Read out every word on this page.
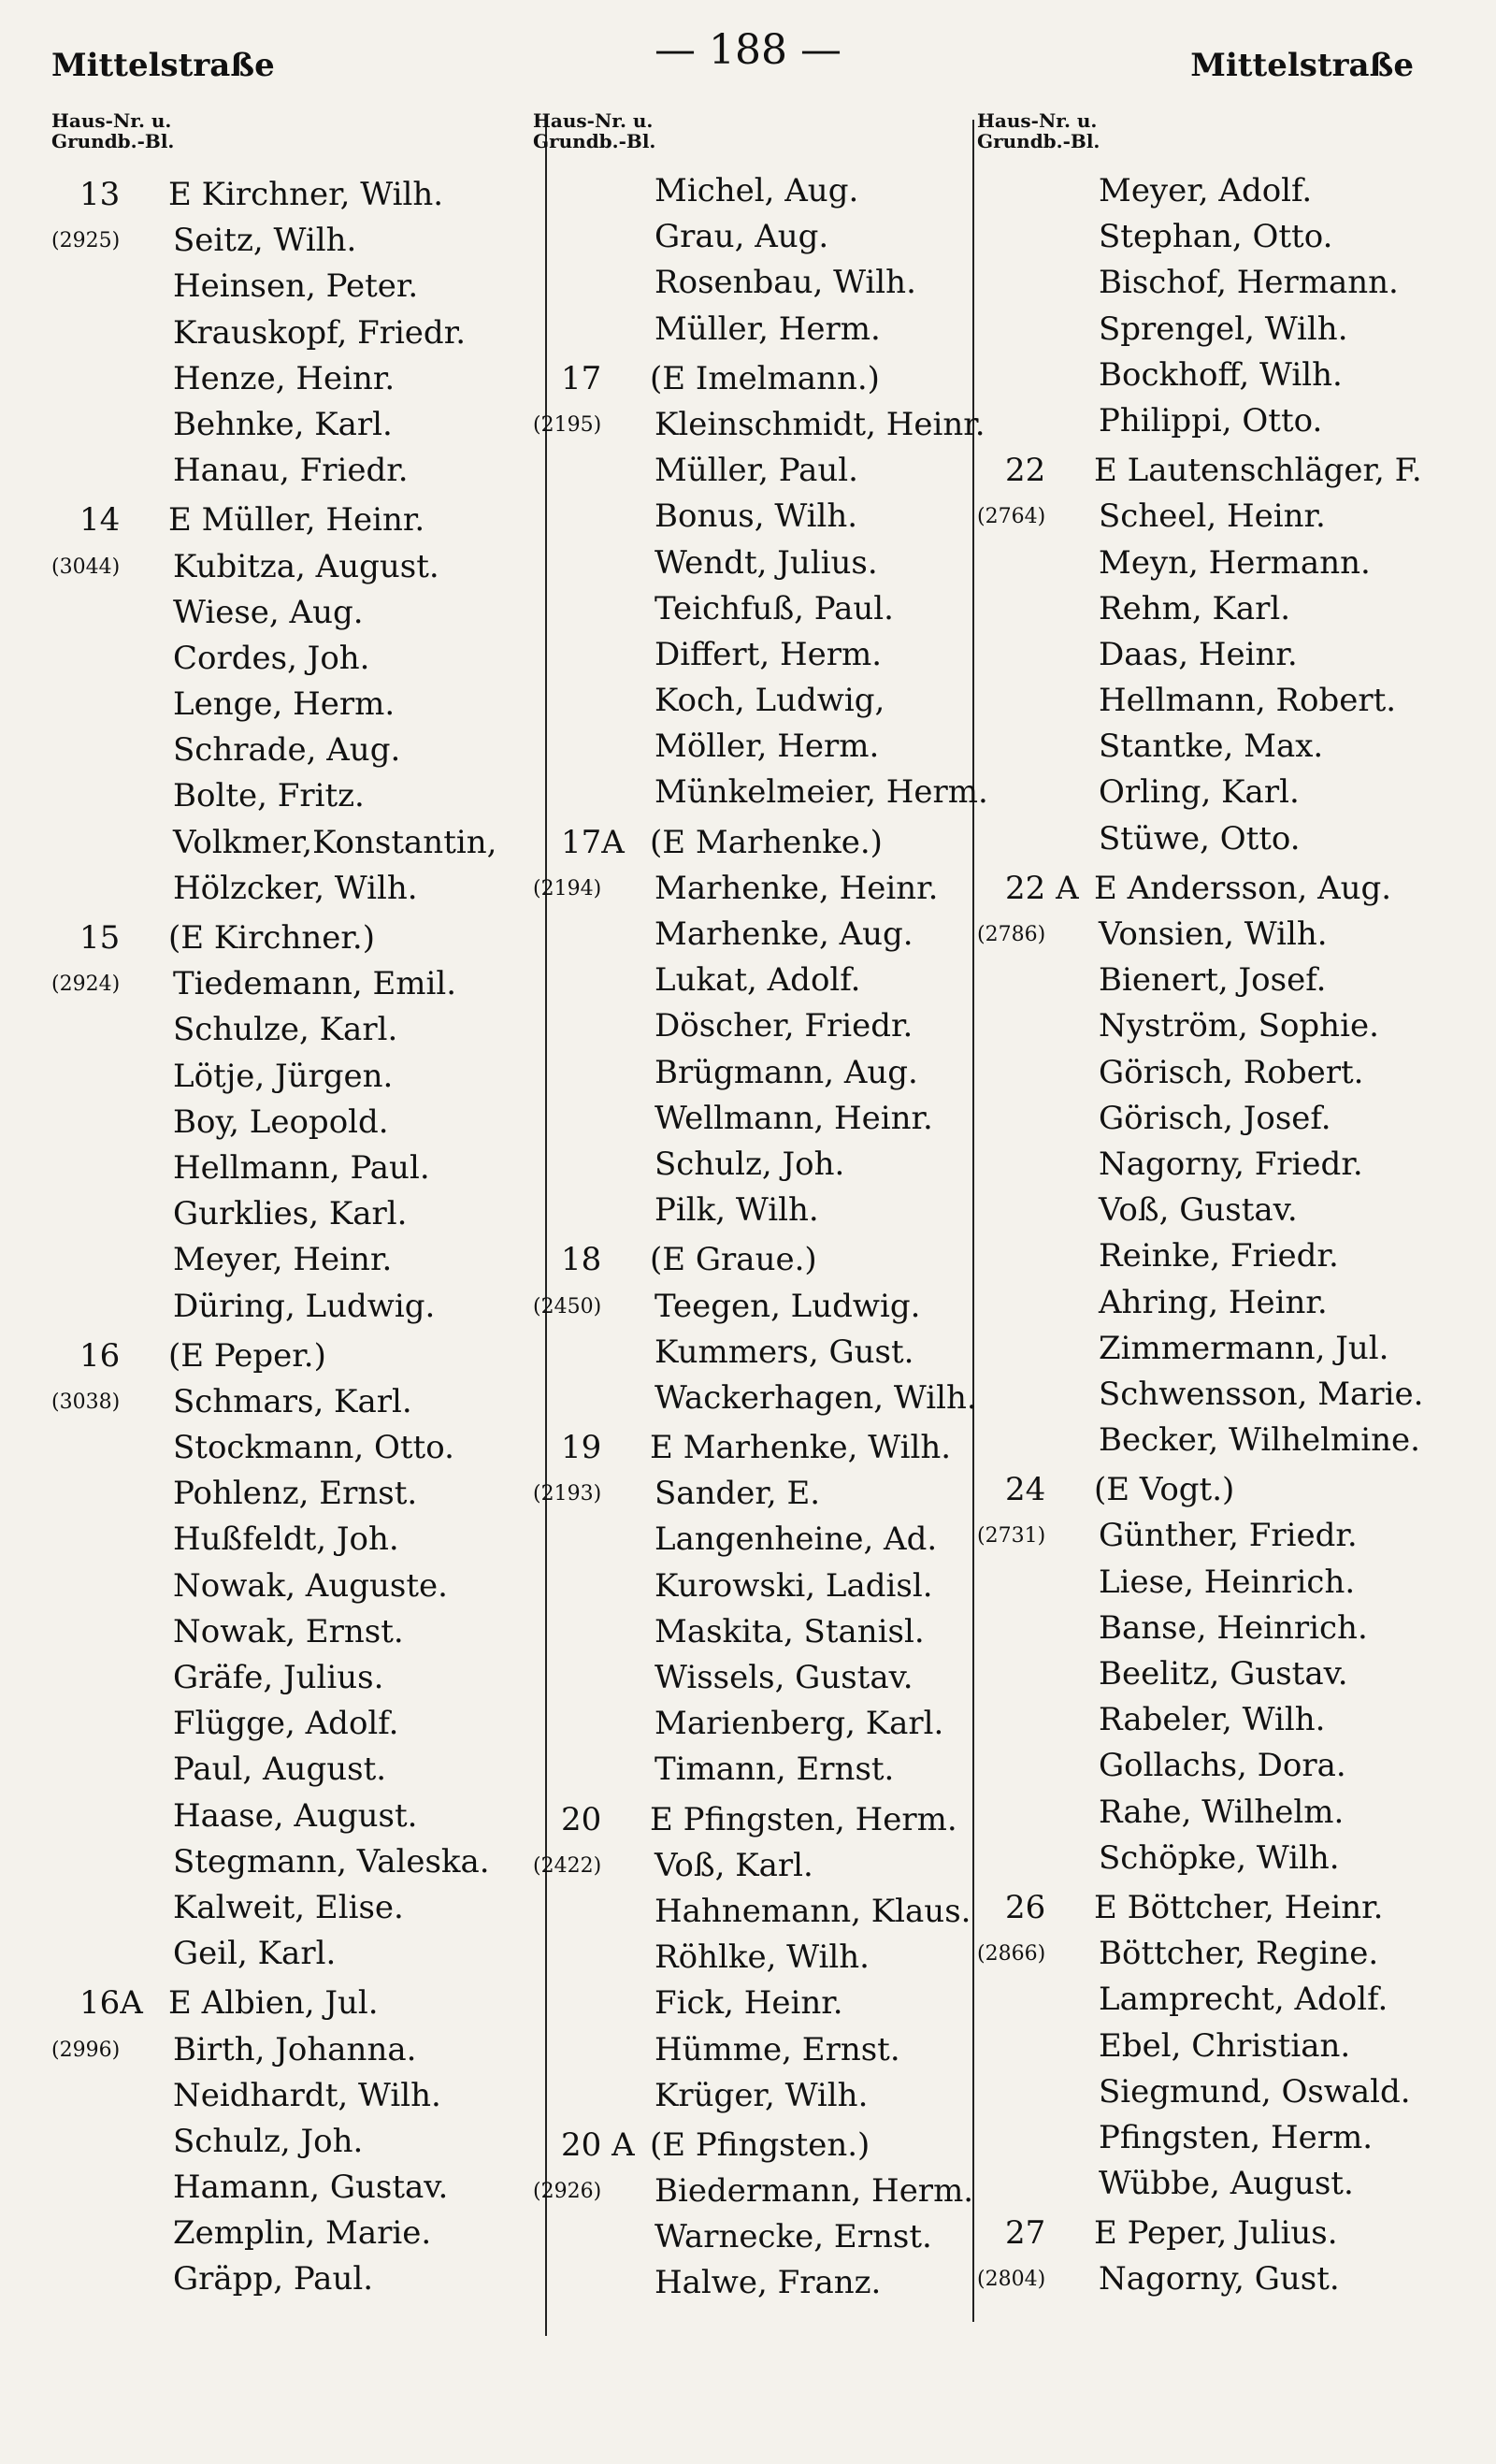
Mittelstraße	— 188 —	Mittelstraße
Haus-Nr. u.
Grundb.-Bl.
13 E Kirchner, Wilh.
(2925) Seitz, Wilh.
Heinsen, Peter.
Krauskopf, Friedr.
Henze, Heinr.
Behnke, Karl.
Hanau, Friedr.
14 E Müller, Heinr.
(3044) Kubitza, August.
Wiese, Aug.
Cordes, Joh.
Lenge, Herm.
Schrade, Aug.
Bolte, Fritz.
Volkmer,Konstantin,
Hölzcker, Wilh.
15 (E Kirchner.)
(2924) Tiedemann, Emil.
Schulze, Karl.
Lötje, Jürgen.
Boy, Leopold.
Hellmann, Paul.
Gurklies, Karl.
Meyer, Heinr.
Düring, Ludwig.
16 (E Peper.)
(3038) Schmars, Karl.
Stockmann, Otto.
Pohlenz, Ernst.
Hußfeldt, Joh.
Nowak, Auguste.
Nowak, Ernst.
Gräfe, Julius.
Flügge, Adolf.
Paul, August.
Haase, August.
Stegmann, Valeska.
Kalweit, Elise.
Geil, Karl.
16A E Albien, Jul.
(2996) Birth, Johanna.
Neidhardt, Wilh.
Schulz, Joh.
Hamann, Gustav.
Zemplin, Marie.
Gräpp, Paul.
Haus-Nr. u.
Grundb.-Bl.
Michel, Aug.
Grau, Aug.
Rosenbau, Wilh.
Müller, Herm.
17 (E Imelmann.)
(2195) Kleinschmidt, Heinr.
Müller, Paul.
Bonus, Wilh.
Wendt, Julius.
Teichfuß, Paul.
Differt, Herm.
Koch, Ludwig,
Möller, Herm.
Münkelmeier, Herm.
17A (E Marhenke.)
(2194) Marhenke, Heinr.
Marhenke, Aug.
Lukat, Adolf.
Döscher, Friedr.
Brügmann, Aug.
Wellmann, Heinr.
Schulz, Joh.
Pilk, Wilh.
18 (E Graue.)
(2450) Teegen, Ludwig.
Kummers, Gust.
Wackerhagen, Wilh.
19 E Marhenke, Wilh.
(2193) Sander, E.
Langenheine, Ad.
Kurowski, Ladisl.
Maskita, Stanisl.
Wissels, Gustav.
Marienberg, Karl.
Timann, Ernst.
20 E Pfingsten, Herm.
(2422) Voß, Karl.
Hahnemann, Klaus.
Röhlke, Wilh.
Fick, Heinr.
Hümme, Ernst.
Krüger, Wilh.
20 A (E Pfingsten.)
(2926) Biedermann, Herm.
Warnecke, Ernst.
Halwe, Franz.
Haus-Nr. u.
Grundb.-Bl.
Meyer, Adolf.
Stephan, Otto.
Bischof, Hermann.
Sprengel, Wilh.
Bockhoff, Wilh.
Philippi, Otto.
22 E Lautenschläger, F.
(2764) Scheel, Heinr.
Meyn, Hermann.
Rehm, Karl.
Daas, Heinr.
Hellmann, Robert.
Stantke, Max.
Orling, Karl.
Stüwe, Otto.
22 A E Andersson, Aug.
(2786) Vonsien, Wilh.
Bienert, Josef.
Nyström, Sophie.
Görisch, Robert.
Görisch, Josef.
Nagorny, Friedr.
Voß, Gustav.
Reinke, Friedr.
Ahring, Heinr.
Zimmermann, Jul.
Schwensson, Marie.
Becker, Wilhelmine.
24 (E Vogt.)
(2731) Günther, Friedr.
Liese, Heinrich.
Banse, Heinrich.
Beelitz, Gustav.
Rabeler, Wilh.
Gollachs, Dora.
Rahe, Wilhelm.
Schöpke, Wilh.
26 E Böttcher, Heinr.
(2866) Böttcher, Regine.
Lamprecht, Adolf.
Ebel, Christian.
Siegmund, Oswald.
Pfingsten, Herm.
Wübbe, August.
27 E Peper, Julius.
(2804) Nagorny, Gust.
